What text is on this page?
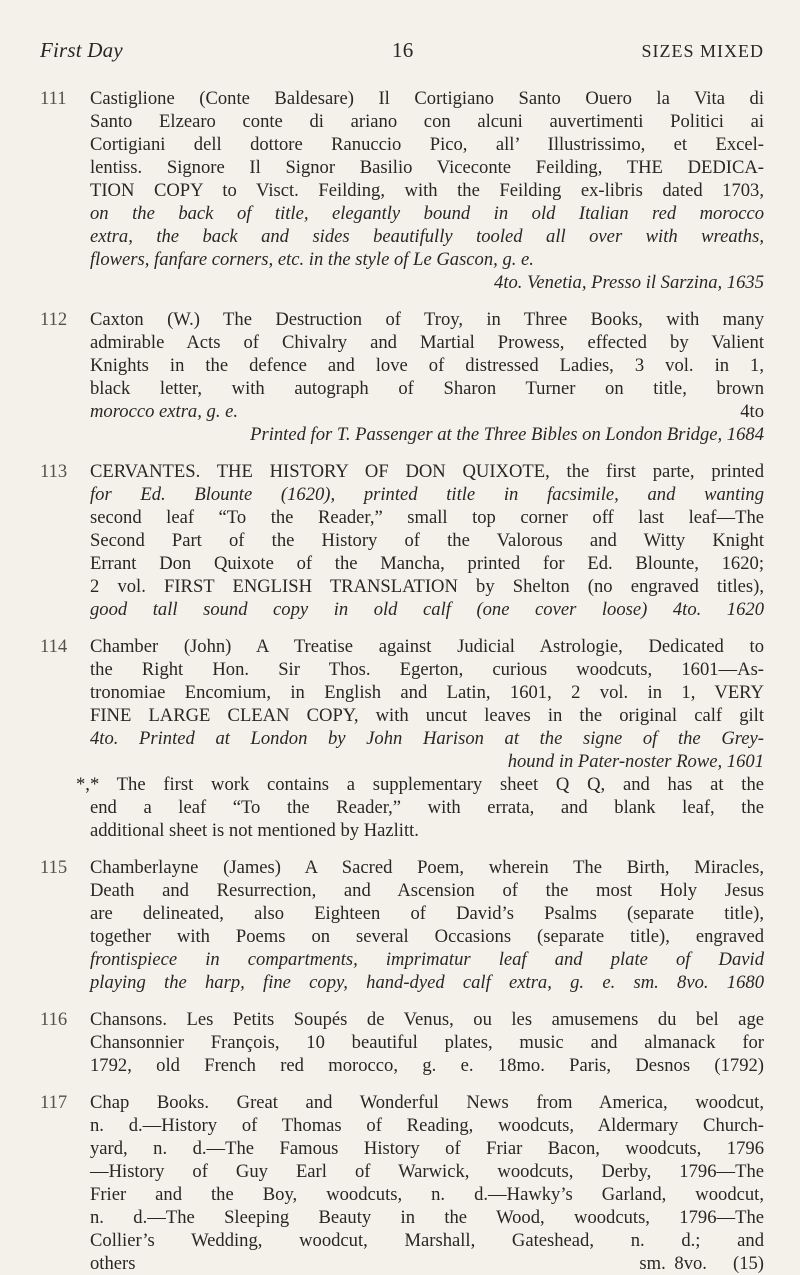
First Day	16	SIZES MIXED
111	Castiglione (Conte Baldesare) Il Cortigiano Santo Ouero la Vita di
Santo Elzearo conte di ariano con alcuni auvertimenti Politici ai
Cortigiani dell dottore Ranuccio Pico, all’ Illustrissimo, et Excel-
lentiss. Signore Il Signor Basilio Viceconte Feilding, THE DEDICA-
TION COPY to Visct. Feilding, with the Feilding ex-libris dated 1703,
on the back of title, elegantly bound in old Italian red morocco
extra, the back and sides beautifully tooled all over with wreaths,
flowers, fanfare corners, etc. in the style of Le Gascon, g. e.
4to. Venetia, Presso il Sarzina, 1635
112	Caxton (W.) The Destruction of Troy, in Three Books, with many
admirable Acts of Chivalry and Martial Prowess, effected by Valient
Knights in the defence and love of distressed Ladies, 3 vol. in 1,
black letter, with autograph of Sharon Turner on title, brown
morocco extra, g. e.	4to
Printed for T. Passenger at the Three Bibles on London Bridge, 1684
113	CERVANTES. THE HISTORY OF DON QUIXOTE, the first parte, printed
for Ed. Blounte (1620), printed title in facsimile, and wanting
second leaf “To the Reader,” small top corner off last leaf—The
Second Part of the History of the Valorous and Witty Knight
Errant Don Quixote of the Mancha, printed for Ed. Blounte, 1620;
2 vol. FIRST ENGLISH TRANSLATION by Shelton (no engraved titles),
good tall sound copy in old calf (one cover loose) 4to. 1620
114	Chamber (John) A Treatise against Judicial Astrologie, Dedicated to
the Right Hon. Sir Thos. Egerton, curious woodcuts, 1601—As-
tronomiae Encomium, in English and Latin, 1601, 2 vol. in 1, VERY
FINE LARGE CLEAN COPY, with uncut leaves in the original calf gilt
4to. Printed at London by John Harison at the signe of the Grey-
hound in Pater-noster Rowe, 1601
*,* The first work contains a supplementary sheet Q Q, and has at the
end a leaf “To the Reader,” with errata, and blank leaf, the
additional sheet is not mentioned by Hazlitt.
115	Chamberlayne (James) A Sacred Poem, wherein The Birth, Miracles,
Death and Resurrection, and Ascension of the most Holy Jesus
are delineated, also Eighteen of David’s Psalms (separate title),
together with Poems on several Occasions (separate title), engraved
frontispiece in compartments, imprimatur leaf and plate of David
playing the harp, fine copy, hand-dyed calf extra, g. e. sm. 8vo. 1680
116	Chansons. Les Petits Soupés de Venus, ou les amusemens du bel age
Chansonnier François, 10 beautiful plates, music and almanack for
1792, old French red morocco, g. e. 18mo. Paris, Desnos (1792)
117	Chap Books. Great and Wonderful News from America, woodcut,
n. d.—History of Thomas of Reading, woodcuts, Aldermary Church-
yard, n. d.—The Famous History of Friar Bacon, woodcuts, 1796
—History of Guy Earl of Warwick, woodcuts, Derby, 1796—The
Frier and the Boy, woodcuts, n. d.—Hawky’s Garland, woodcut,
n. d.—The Sleeping Beauty in the Wood, woodcuts, 1796—The
Collier’s Wedding, woodcut, Marshall, Gateshead, n. d.; and
others                                                          sm. 8vo.   (15)
